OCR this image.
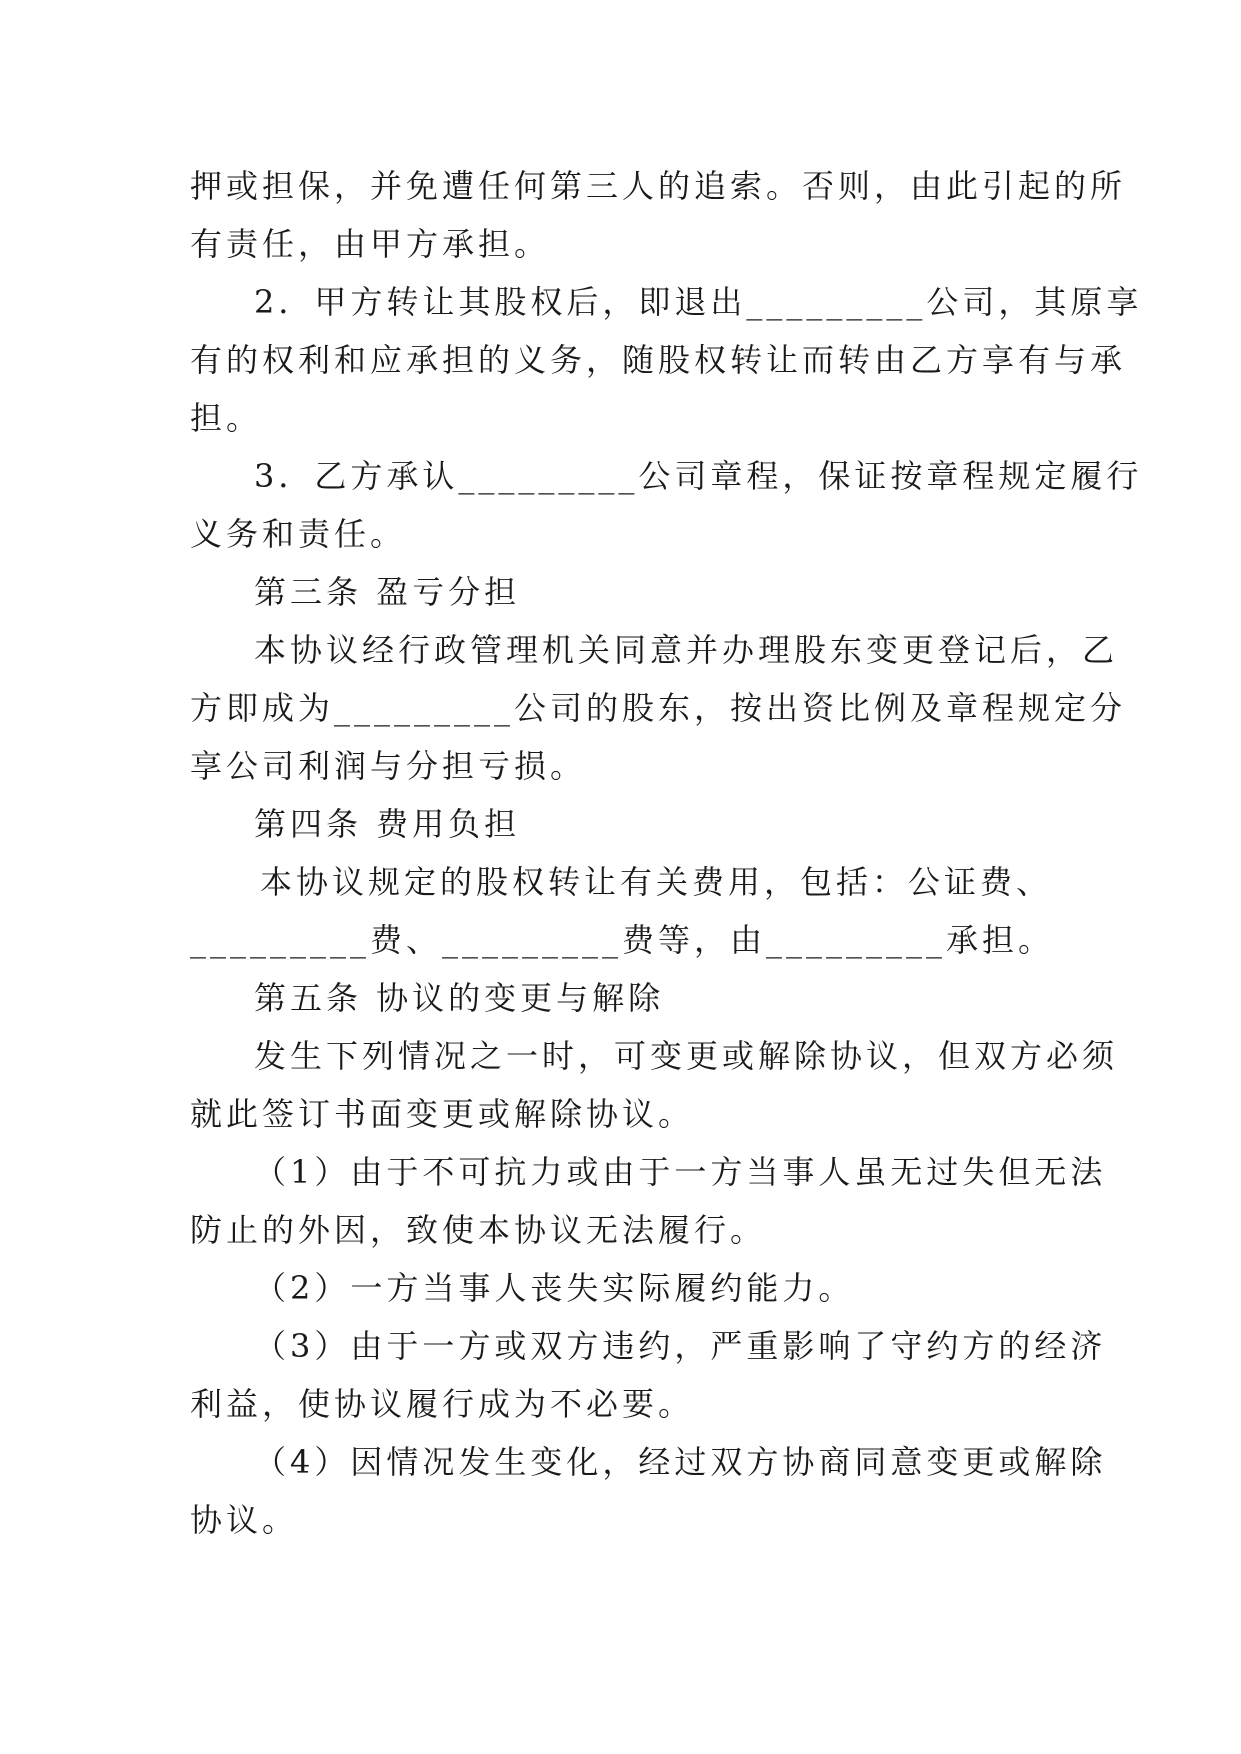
押或担保，并免遭任何第三人的追索。否则，由此引起的所
有责任，由甲方承担。
2．甲方转让其股权后，即退出_________公司，其原享
有的权利和应承担的义务，随股权转让而转由乙方享有与承
担。
3．乙方承认_________公司章程，保证按章程规定履行
义务和责任。
第三条 盈亏分担
本协议经行政管理机关同意并办理股东变更登记后，乙
方即成为_________公司的股东，按出资比例及章程规定分
享公司利润与分担亏损。
第四条 费用负担
本协议规定的股权转让有关费用，包括：公证费、
_________费、_________费等，由_________承担。
第五条 协议的变更与解除
发生下列情况之一时，可变更或解除协议，但双方必须
就此签订书面变更或解除协议。
（1）由于不可抗力或由于一方当事人虽无过失但无法
防止的外因，致使本协议无法履行。
（2）一方当事人丧失实际履约能力。
（3）由于一方或双方违约，严重影响了守约方的经济
利益，使协议履行成为不必要。
（4）因情况发生变化，经过双方协商同意变更或解除
协议。
